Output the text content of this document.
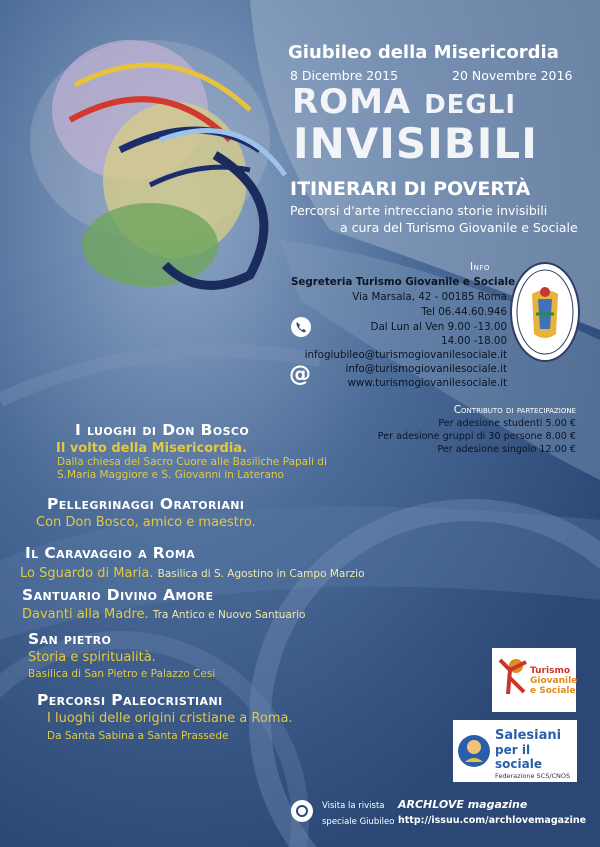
Giubileo della Misericordia
8 Dicembre 2015	20 Novembre 2016
ROMA DEGLI
INVISIBILI
ITINERARI DI POVERTÀ
Percorsi d'arte intrecciano storie invisibili
a cura del Turismo Giovanile e Sociale
Info
Segreteria Turismo Giovanile e Sociale
Via Marsala, 42 - 00185 Roma
Tel 06.44.60.946
Dal Lun al Ven 9.00 -13.00
14.00 -18.00
infogiubileo@turismogiovanilesociale.it
info@turismogiovanilesociale.it
www.turismogiovanilesociale.it
@
Contributo di partecipazione
Per adesione studenti 5.00 €
Per adesione gruppi di 30 persone 8.00 €
Per adesione singolo 12.00 €
I luoghi di Don Bosco
Il volto della Misericordia.
Dalla chiesa del Sacro Cuore alle Basiliche Papali di
S.Maria Maggiore e S. Giovanni in Laterano
Pellegrinaggi Oratoriani
Con Don Bosco, amico e maestro.
Il Caravaggio a Roma
Lo Sguardo di Maria. Basilica di S. Agostino in Campo Marzio
Santuario Divino Amore
Davanti alla Madre. Tra Antico e Nuovo Santuario
San pietro
Storia e spiritualità.
Basilica di San Pietro e Palazzo Cesi
Percorsi Paleocristiani
I luoghi delle origini cristiane a Roma.
Da Santa Sabina a Santa Prassede
Turismo
Giovanile
e Sociale
Salesiani
per il sociale
Federazione SCS/CNOS
Visita la rivista
speciale Giubileo
ARCHLOVE magazine
http://issuu.com/archlovemagazine
